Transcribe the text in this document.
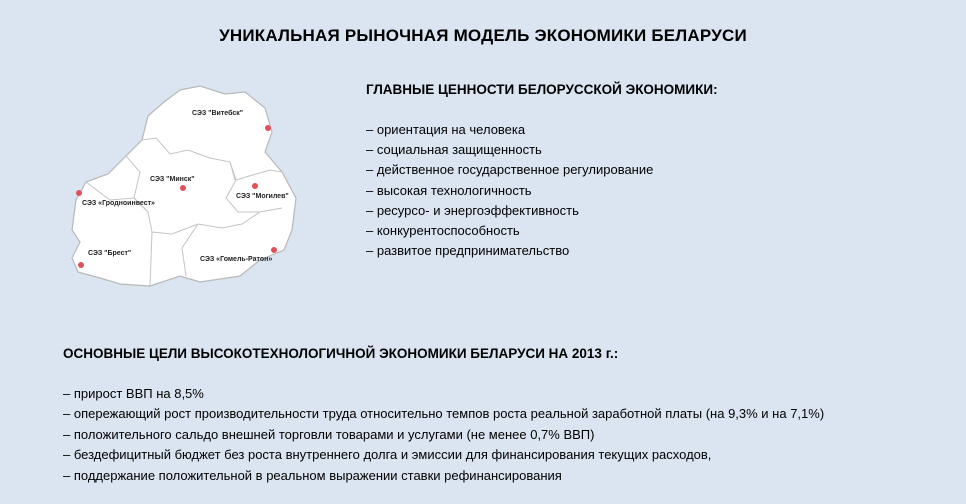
УНИКАЛЬНАЯ РЫНОЧНАЯ МОДЕЛЬ ЭКОНОМИКИ БЕЛАРУСИ
СЭЗ "Витебск"
СЭЗ "Минск"
СЭЗ "Могилев"
СЭЗ «Гродноинвест»
СЭЗ "Брест"
СЭЗ «Гомель-Ратон»
ГЛАВНЫЕ ЦЕННОСТИ БЕЛОРУССКОЙ ЭКОНОМИКИ:
– ориентация на человека
– социальная защищенность
– действенное государственное регулирование
– высокая технологичность
– ресурсо- и энергоэффективность
– конкурентоспособность
– развитое предпринимательство
ОСНОВНЫЕ ЦЕЛИ ВЫСОКОТЕХНОЛОГИЧНОЙ ЭКОНОМИКИ БЕЛАРУСИ НА 2013 г.:
– прирост ВВП на 8,5%
– опережающий рост производительности труда относительно темпов роста реальной заработной платы (на 9,3% и на 7,1%)
– положительного сальдо внешней торговли товарами и услугами (не менее 0,7% ВВП)
– бездефицитный бюджет без роста внутреннего долга и эмиссии для финансирования текущих расходов,
– поддержание положительной в реальном выражении ставки рефинансирования
